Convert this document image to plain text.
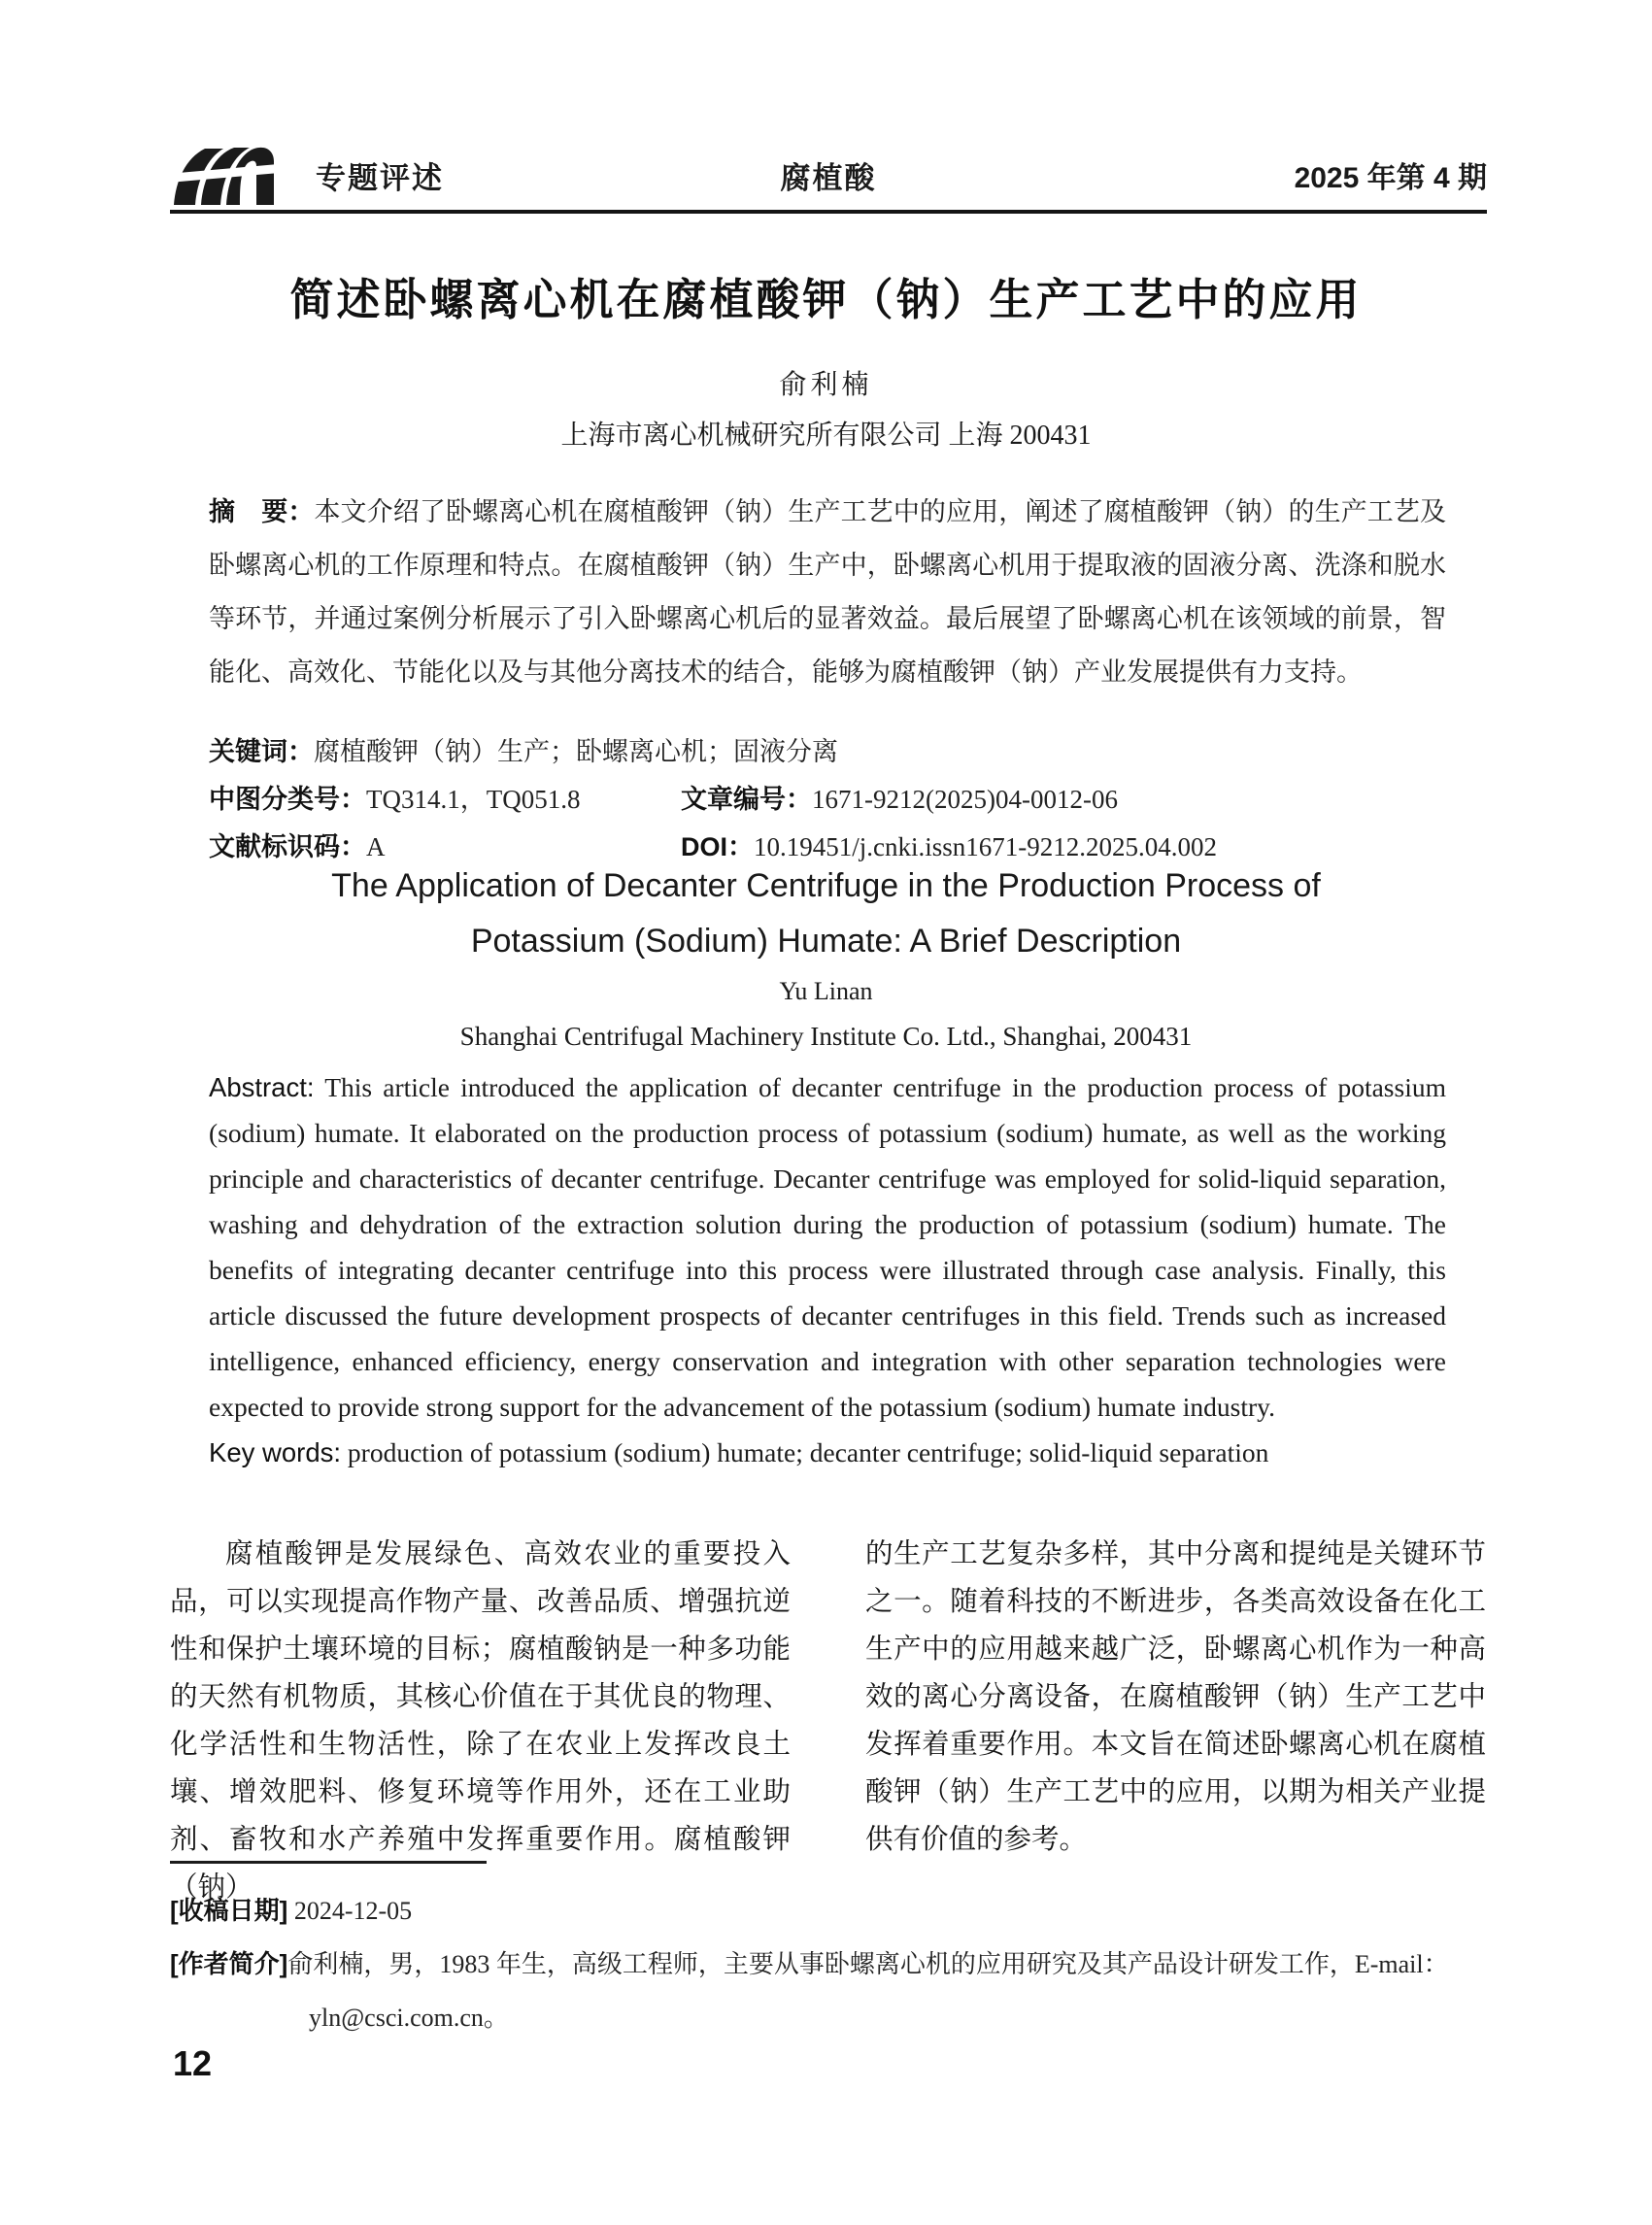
专题评述	腐植酸	2025 年第 4 期
简述卧螺离心机在腐植酸钾（钠）生产工艺中的应用
俞利楠
上海市离心机械研究所有限公司 上海 200431

摘　要：本文介绍了卧螺离心机在腐植酸钾（钠）生产工艺中的应用，阐述了腐植酸钾（钠）的生产工艺及卧螺离心机的工作原理和特点。在腐植酸钾（钠）生产中，卧螺离心机用于提取液的固液分离、洗涤和脱水等环节，并通过案例分析展示了引入卧螺离心机后的显著效益。最后展望了卧螺离心机在该领域的前景，智能化、高效化、节能化以及与其他分离技术的结合，能够为腐植酸钾（钠）产业发展提供有力支持。

关键词：腐植酸钾（钠）生产；卧螺离心机；固液分离

中图分类号：TQ314.1，TQ051.8	文章编号：1671-9212(2025)04-0012-06
文献标识码：A	DOI：10.19451/j.cnki.issn1671-9212.2025.04.002
The Application of Decanter Centrifuge in the Production Process of
Potassium (Sodium) Humate: A Brief Description
Yu Linan
Shanghai Centrifugal Machinery Institute Co. Ltd., Shanghai, 200431

Abstract: This article introduced the application of decanter centrifuge in the production process of potassium (sodium) humate. It elaborated on the production process of potassium (sodium) humate, as well as the working principle and characteristics of decanter centrifuge. Decanter centrifuge was employed for solid-liquid separation, washing and dehydration of the extraction solution during the production of potassium (sodium) humate. The benefits of integrating decanter centrifuge into this process were illustrated through case analysis. Finally, this article discussed the future development prospects of decanter centrifuges in this field. Trends such as increased intelligence, enhanced efficiency, energy conservation and integration with other separation technologies were expected to provide strong support for the advancement of the potassium (sodium) humate industry.

Key words: production of potassium (sodium) humate; decanter centrifuge; solid-liquid separation

腐植酸钾是发展绿色、高效农业的重要投入品，可以实现提高作物产量、改善品质、增强抗逆性和保护土壤环境的目标；腐植酸钠是一种多功能的天然有机物质，其核心价值在于其优良的物理、化学活性和生物活性，除了在农业上发挥改良土壤、增效肥料、修复环境等作用外，还在工业助剂、畜牧和水产养殖中发挥重要作用。腐植酸钾（钠）

的生产工艺复杂多样，其中分离和提纯是关键环节之一。随着科技的不断进步，各类高效设备在化工生产中的应用越来越广泛，卧螺离心机作为一种高效的离心分离设备，在腐植酸钾（钠）生产工艺中发挥着重要作用。本文旨在简述卧螺离心机在腐植酸钾（钠）生产工艺中的应用，以期为相关产业提供有价值的参考。

[收稿日期] 2024-12-05

[作者简介]俞利楠，男，1983 年生，高级工程师，主要从事卧螺离心机的应用研究及其产品设计研发工作，E-mail：yln@csci.com.cn。

12
